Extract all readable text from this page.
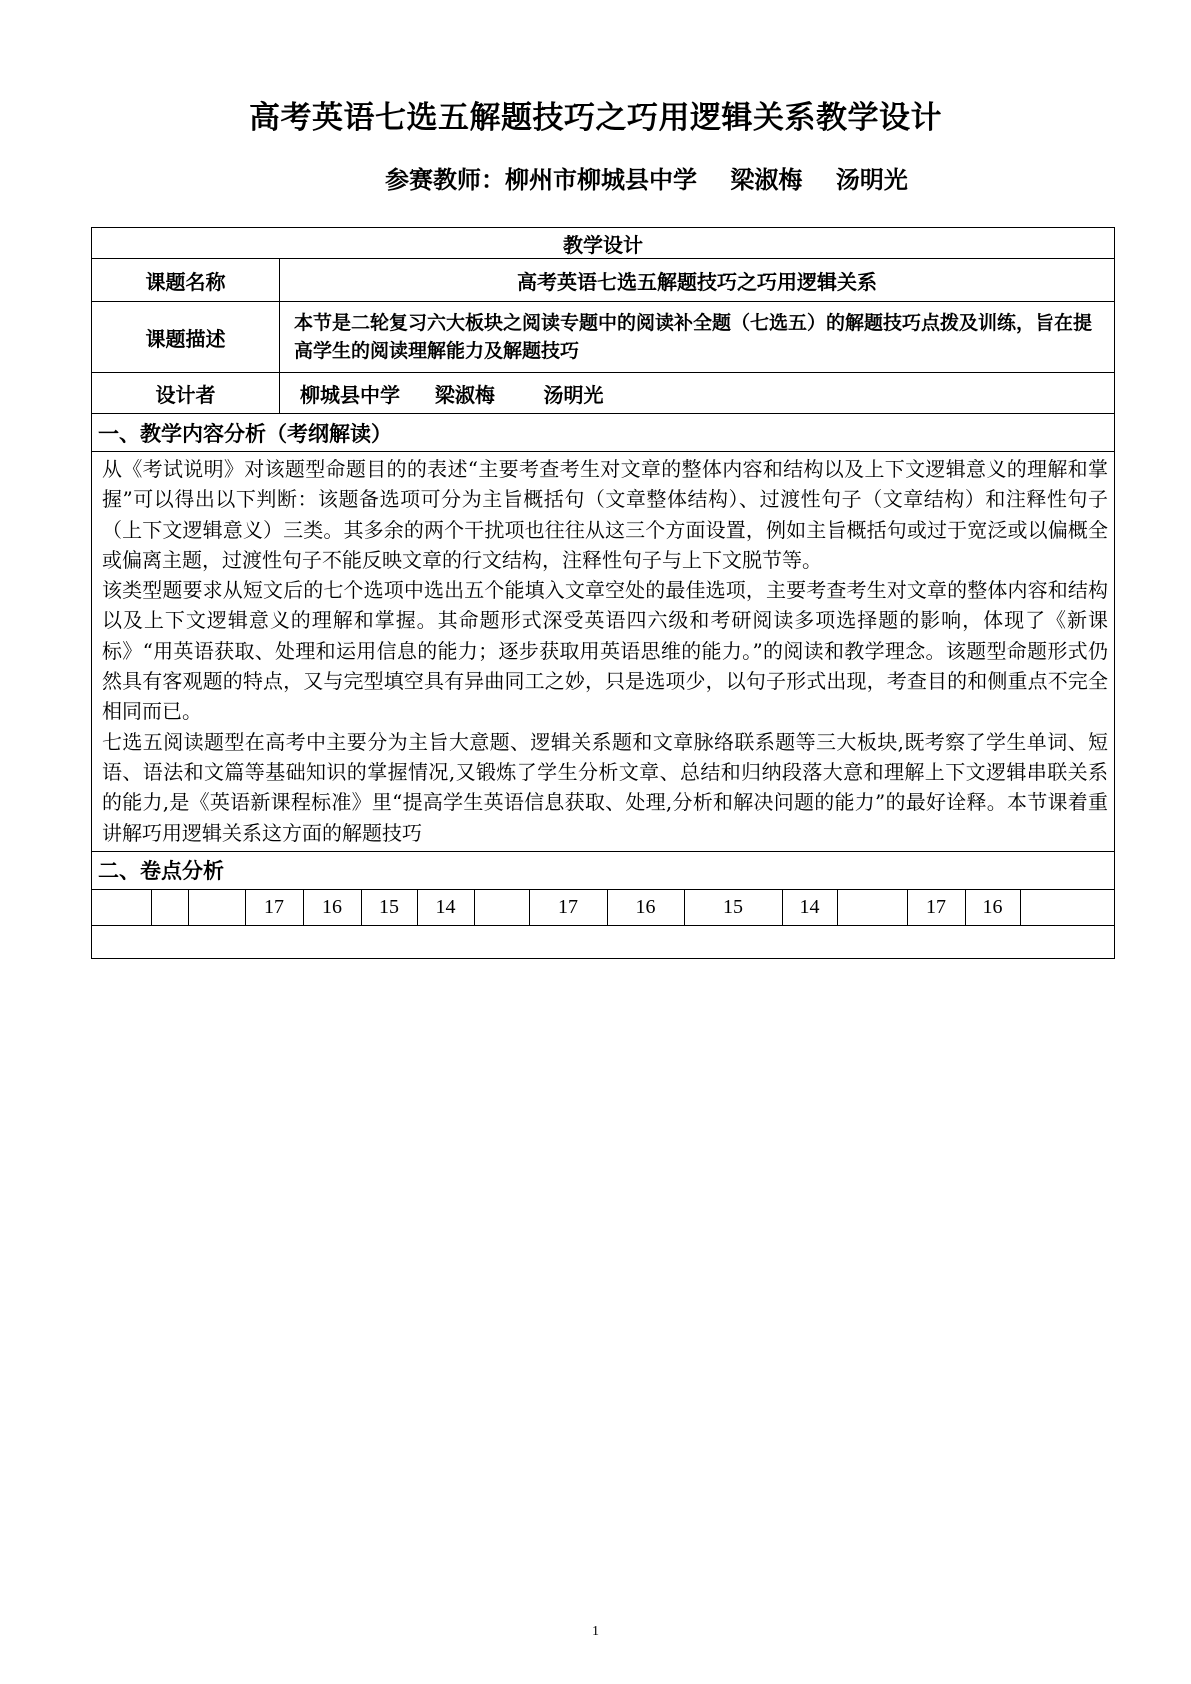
高考英语七选五解题技巧之巧用逻辑关系教学设计
参赛教师：柳州市柳城县中学    梁淑梅    汤明光
教学设计
课题名称	高考英语七选五解题技巧之巧用逻辑关系
课题描述	本节是二轮复习六大板块之阅读专题中的阅读补全题（七选五）的解题技巧点拨及训练，旨在提高学生的阅读理解能力及解题技巧
设计者	柳城县中学     梁淑梅       汤明光
一、教学内容分析（考纲解读）

从《考试说明》对该题型命题目的的表述“主要考查考生对文章的整体内容和结构以及上下文逻辑意义的理解和掌握”可以得出以下判断：该题备选项可分为主旨概括句（文章整体结构）、过渡性句子（文章结构）和注释性句子（上下文逻辑意义）三类。其多余的两个干扰项也往往从这三个方面设置，例如主旨概括句或过于宽泛或以偏概全或偏离主题，过渡性句子不能反映文章的行文结构，注释性句子与上下文脱节等。

该类型题要求从短文后的七个选项中选出五个能填入文章空处的最佳选项，主要考查考生对文章的整体内容和结构以及上下文逻辑意义的理解和掌握。其命题形式深受英语四六级和考研阅读多项选择题的影响，体现了《新课标》“用英语获取、处理和运用信息的能力；逐步获取用英语思维的能力。”的阅读和教学理念。该题型命题形式仍然具有客观题的特点，又与完型填空具有异曲同工之妙，只是选项少，以句子形式出现，考查目的和侧重点不完全相同而已。

七选五阅读题型在高考中主要分为主旨大意题、逻辑关系题和文章脉络联系题等三大板块,既考察了学生单词、短语、语法和文篇等基础知识的掌握情况,又锻炼了学生分析文章、总结和归纳段落大意和理解上下文逻辑串联关系的能力,是《英语新课程标准》里“提高学生英语信息获取、处理,分析和解决问题的能力”的最好诠释。本节课着重讲解巧用逻辑关系这方面的解题技巧

二、卷点分析

			17	16	15	14		17	16	15	14		17	16	

1
